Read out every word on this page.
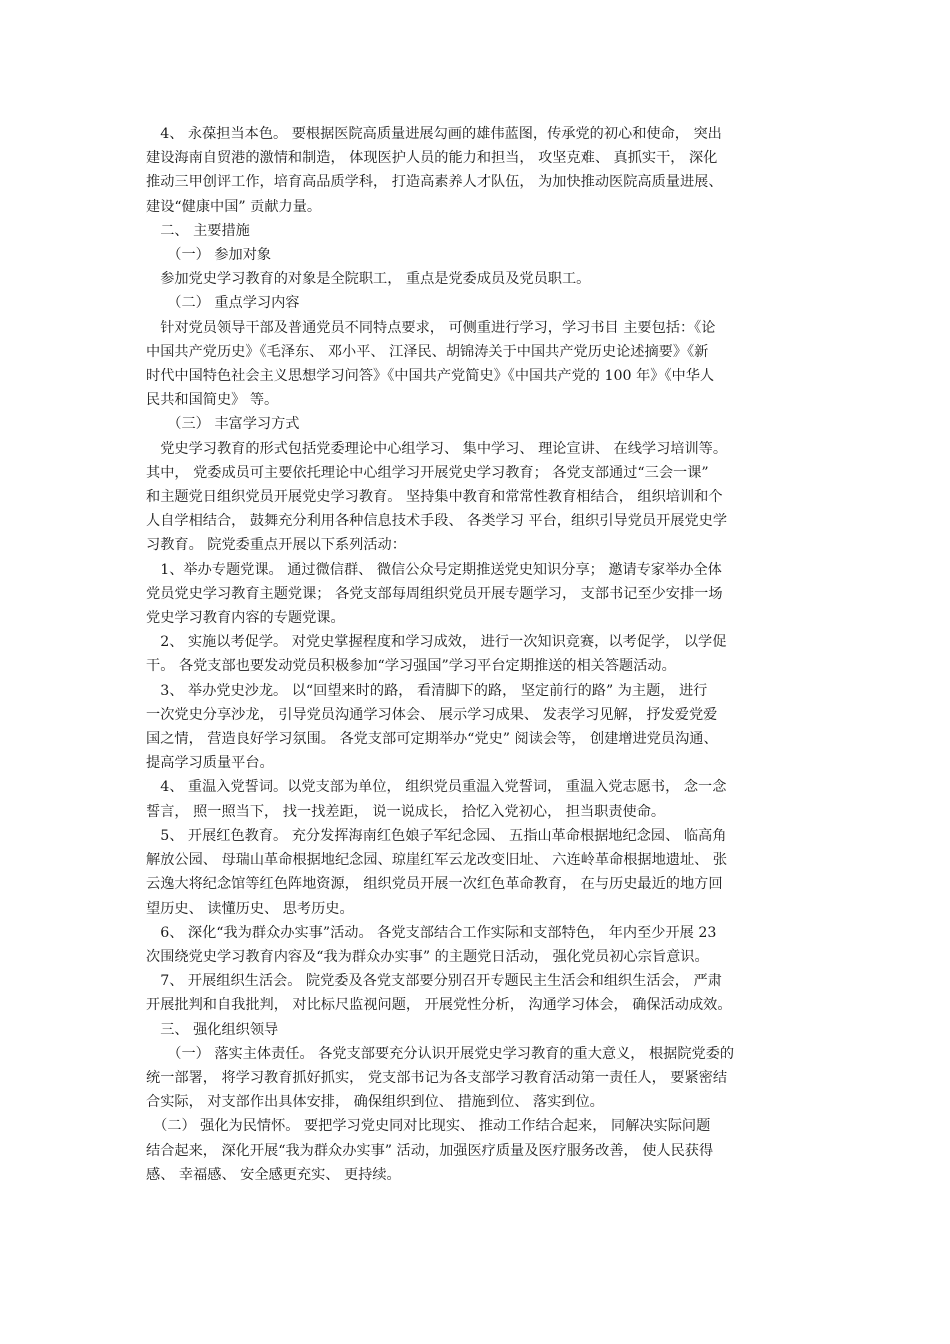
　4、 永葆担当本色。 要根据医院高质量进展勾画的雄伟蓝图，传承党的初心和使命， 突出
建设海南自贸港的激情和制造， 体现医护人员的能力和担当， 攻坚克难、 真抓实干， 深化
推动三甲创评工作，培育高品质学科， 打造高素养人才队伍， 为加快推动医院高质量进展、
建设“健康中国” 贡献力量。
　二、 主要措施
　　（一） 参加对象
　参加党史学习教育的对象是全院职工， 重点是党委成员及党员职工。
　　（二） 重点学习内容
　针对党员领导干部及普通党员不同特点要求， 可侧重进行学习，学习书目 主要包括：《论
中国共产党历史》《毛泽东、 邓小平、 江泽民、胡锦涛关于中国共产党历史论述摘要》《新
时代中国特色社会主义思想学习问答》《中国共产党简史》《中国共产党的 100 年》《中华人
民共和国简史》 等。
　　（三） 丰富学习方式
　党史学习教育的形式包括党委理论中心组学习、 集中学习、 理论宣讲、 在线学习培训等。
其中， 党委成员可主要依托理论中心组学习开展党史学习教育； 各党支部通过“三会一课”
和主题党日组织党员开展党史学习教育。 坚持集中教育和常常性教育相结合， 组织培训和个
人自学相结合， 鼓舞充分利用各种信息技术手段、 各类学习 平台，组织引导党员开展党史学
习教育。 院党委重点开展以下系列活动：
　1、举办专题党课。 通过微信群、 微信公众号定期推送党史知识分享； 邀请专家举办全体
党员党史学习教育主题党课； 各党支部每周组织党员开展专题学习， 支部书记至少安排一场
党史学习教育内容的专题党课。
　2、 实施以考促学。 对党史掌握程度和学习成效， 进行一次知识竞赛，以考促学， 以学促
干。 各党支部也要发动党员积极参加“学习强国”学习平台定期推送的相关答题活动。
　3、 举办党史沙龙。 以“回望来时的路， 看清脚下的路， 坚定前行的路” 为主题， 进行
一次党史分享沙龙， 引导党员沟通学习体会、 展示学习成果、 发表学习见解， 抒发爱党爱
国之情， 营造良好学习氛围。 各党支部可定期举办“党史” 阅读会等， 创建增进党员沟通、
提高学习质量平台。
　4、 重温入党誓词。以党支部为单位， 组织党员重温入党誓词， 重温入党志愿书， 念一念
誓言， 照一照当下， 找一找差距， 说一说成长， 拾忆入党初心， 担当职责使命。
　5、 开展红色教育。 充分发挥海南红色娘子军纪念园、 五指山革命根据地纪念园、 临高角
解放公园、 母瑞山革命根据地纪念园、琼崖红军云龙改变旧址、 六连岭革命根据地遗址、 张
云逸大将纪念馆等红色阵地资源， 组织党员开展一次红色革命教育， 在与历史最近的地方回
望历史、 读懂历史、 思考历史。
　6、 深化“我为群众办实事”活动。 各党支部结合工作实际和支部特色， 年内至少开展 23
次围绕党史学习教育内容及“我为群众办实事” 的主题党日活动， 强化党员初心宗旨意识。
　7、 开展组织生活会。 院党委及各党支部要分别召开专题民主生活会和组织生活会， 严肃
开展批判和自我批判， 对比标尺监视问题， 开展党性分析， 沟通学习体会， 确保活动成效。
　三、 强化组织领导
　　（一） 落实主体责任。 各党支部要充分认识开展党史学习教育的重大意义， 根据院党委的
统一部署， 将学习教育抓好抓实， 党支部书记为各支部学习教育活动第一责任人， 要紧密结
合实际， 对支部作出具体安排， 确保组织到位、 措施到位、 落实到位。
　（二） 强化为民情怀。 要把学习党史同对比现实、 推动工作结合起来， 同解决实际问题
结合起来， 深化开展“我为群众办实事” 活动，加强医疗质量及医疗服务改善， 使人民获得
感、 幸福感、 安全感更充实、 更持续。
